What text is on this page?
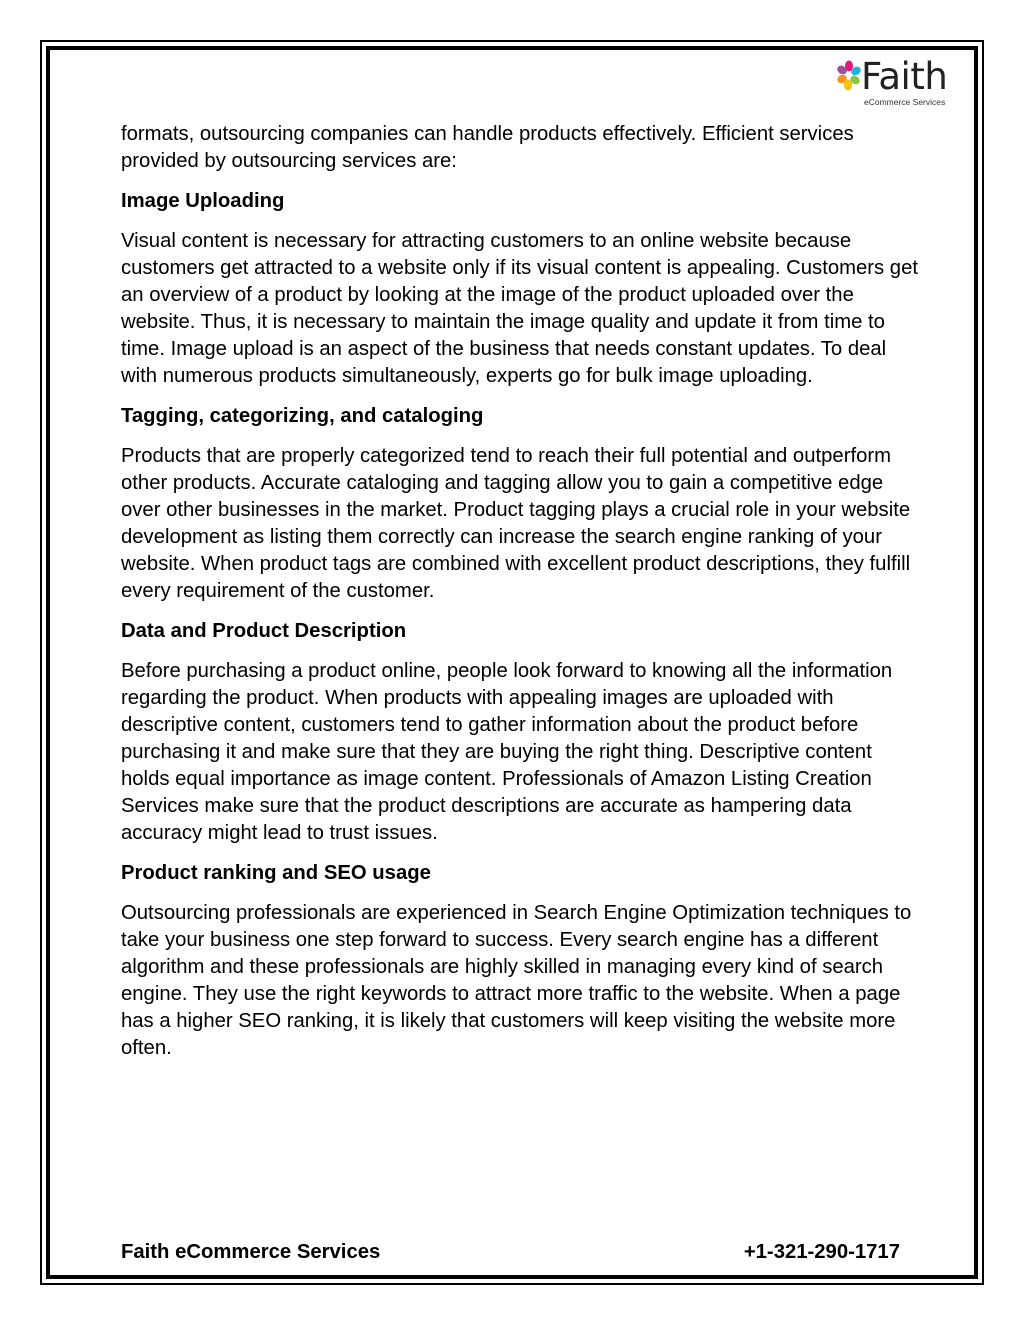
Faith
eCommerce Services

formats, outsourcing companies can handle products effectively. Efficient services provided by outsourcing services are:

Image Uploading

Visual content is necessary for attracting customers to an online website because customers get attracted to a website only if its visual content is appealing. Customers get an overview of a product by looking at the image of the product uploaded over the website. Thus, it is necessary to maintain the image quality and update it from time to time. Image upload is an aspect of the business that needs constant updates. To deal with numerous products simultaneously, experts go for bulk image uploading.

Tagging, categorizing, and cataloging

Products that are properly categorized tend to reach their full potential and outperform other products. Accurate cataloging and tagging allow you to gain a competitive edge over other businesses in the market. Product tagging plays a crucial role in your website development as listing them correctly can increase the search engine ranking of your website. When product tags are combined with excellent product descriptions, they fulfill every requirement of the customer.

Data and Product Description

Before purchasing a product online, people look forward to knowing all the information regarding the product. When products with appealing images are uploaded with descriptive content, customers tend to gather information about the product before purchasing it and make sure that they are buying the right thing. Descriptive content holds equal importance as image content. Professionals of Amazon Listing Creation Services make sure that the product descriptions are accurate as hampering data accuracy might lead to trust issues.

Product ranking and SEO usage

Outsourcing professionals are experienced in Search Engine Optimization techniques to take your business one step forward to success. Every search engine has a different algorithm and these professionals are highly skilled in managing every kind of search engine. They use the right keywords to attract more traffic to the website. When a page has a higher SEO ranking, it is likely that customers will keep visiting the website more often.

Faith eCommerce Services	+1-321-290-1717
